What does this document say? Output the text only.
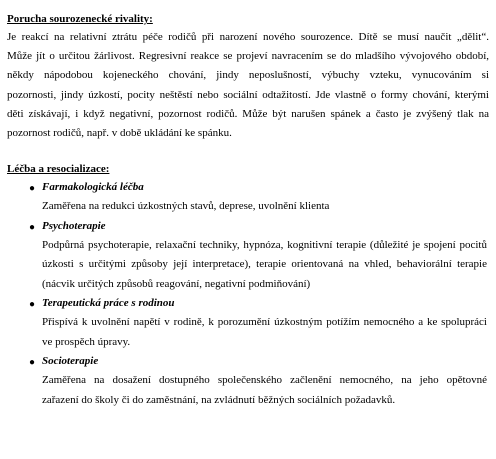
Porucha sourozenecké rivality:

Je reakcí na relativní ztrátu péče rodičů při narození nového sourozence. Dítě se musí naučit „dělit“.
Může jít o určitou žárlivost. Regresivní reakce se projeví navracením se do mladšího vývojového období,
někdy nápodobou kojeneckého chování, jindy neposlušností, výbuchy vzteku, vynucováním si
pozornosti, jindy úzkostí, pocity neštěstí nebo sociální odtažitostí. Jde vlastně o formy chování, kterými
děti získávají, i když negativní, pozornost rodičů. Může být narušen spánek a často je zvýšený tlak na
pozornost rodičů, např. v době ukládání ke spánku.

Léčba a resocializace:
● Farmakologická léčba
Zaměřena na redukci úzkostných stavů, deprese, uvolnění klienta
● Psychoterapie
Podpůrná psychoterapie, relaxační techniky, hypnóza, kognitivní terapie (důležité je spojení pocitů
úzkosti s určitými způsoby její interpretace), terapie orientovaná na vhled, behaviorální terapie
(nácvik určitých způsobů reagování, negativní podmiňování)
● Terapeutická práce s rodinou
Přispívá k uvolnění napětí v rodině, k porozumění úzkostným potížím nemocného a ke spolupráci
ve prospěch úpravy.
● Socioterapie
Zaměřena na dosažení dostupného společenského začlenění nemocného, na jeho opětovné
zařazení do školy či do zaměstnání, na zvládnutí běžných sociálních požadavků.
